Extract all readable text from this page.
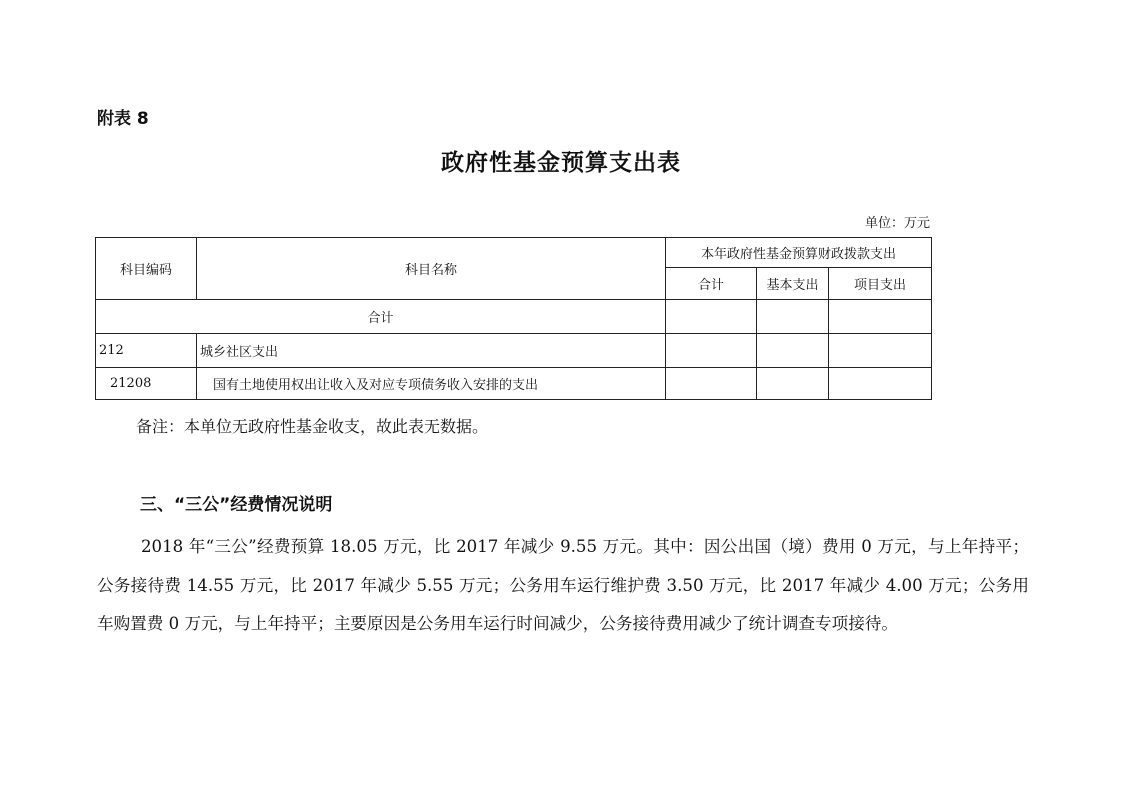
附表 8
政府性基金预算支出表
单位：万元
科目编码	科目名称	本年政府性基金预算财政拨款支出		
		合计	基本支出	项目支出
合计				
212	城乡社区支出			
21208	国有土地使用权出让收入及对应专项债务收入安排的支出			
备注：本单位无政府性基金收支，故此表无数据。
三、“三公”经费情况说明

2018 年“三公”经费预算 18.05 万元，比 2017 年减少 9.55 万元。其中：因公出国（境）费用 0 万元，与上年持平；公务接待费 14.55 万元，比 2017 年减少 5.55 万元；公务用车运行维护费 3.50 万元，比 2017 年减少 4.00 万元；公务用车购置费 0 万元，与上年持平；主要原因是公务用车运行时间减少，公务接待费用减少了统计调查专项接待。
